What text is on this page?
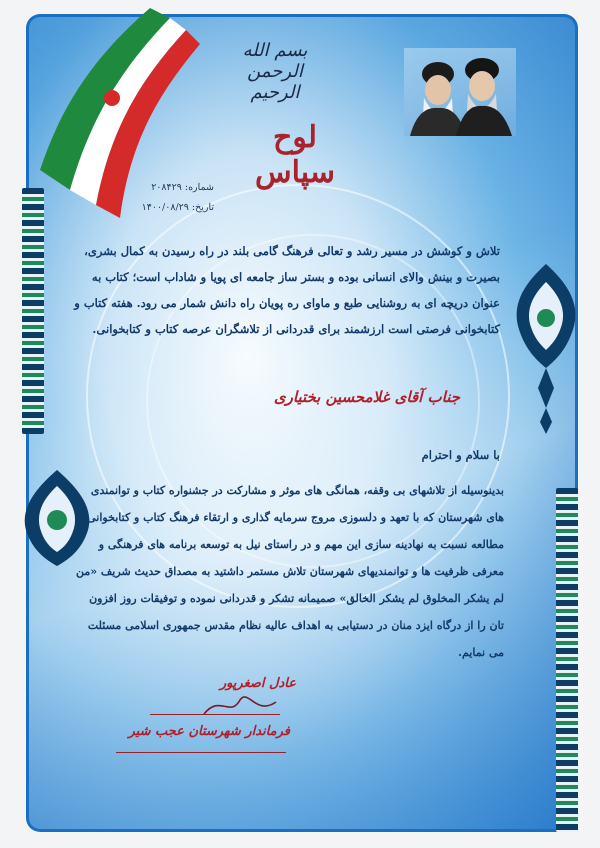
بسم الله الرحمن الرحیم
لوح سپاس
شماره: ۲۰۸۴۲۹
تاریخ: ۱۴۰۰/۰۸/۲۹
تلاش و کوشش در مسیر رشد و تعالی فرهنگ گامی بلند در راه رسیدن به کمال بشری، بصیرت و بینش والای انسانی بوده و بستر ساز جامعه ای پویا و شاداب است؛ کتاب به عنوان دریچه ای به روشنایی طبع و ماوای ره پویان راه دانش شمار می رود. هفته کتاب و کتابخوانی فرصتی است ارزشمند برای قدردانی از تلاشگران عرصه کتاب و کتابخوانی.
جناب آقای غلامحسین بختیاری
با سلام و احترام
بدینوسیله از تلاشهای بی وقفه، همانگی های موثر و مشارکت در جشنواره کتاب و توانمندی های شهرستان که با تعهد و دلسوزی مروج سرمایه گذاری و ارتقاء فرهنگ کتاب و کتابخوانی و مطالعه نسبت به نهادینه سازی این مهم و در راستای نیل به توسعه برنامه های فرهنگی و معرفی ظرفیت ها و توانمندیهای شهرستان تلاش مستمر داشتید به مصداق حدیث شریف «من لم یشکر المخلوق لم یشکر الخالق» صمیمانه تشکر و قدردانی نموده و توفیقات روز افزون تان را از درگاه ایزد منان در دستیابی به اهداف عالیه نظام مقدس جمهوری اسلامی مسئلت می نمایم.
عادل اصغرپور
فرماندار شهرستان عجب شیر
